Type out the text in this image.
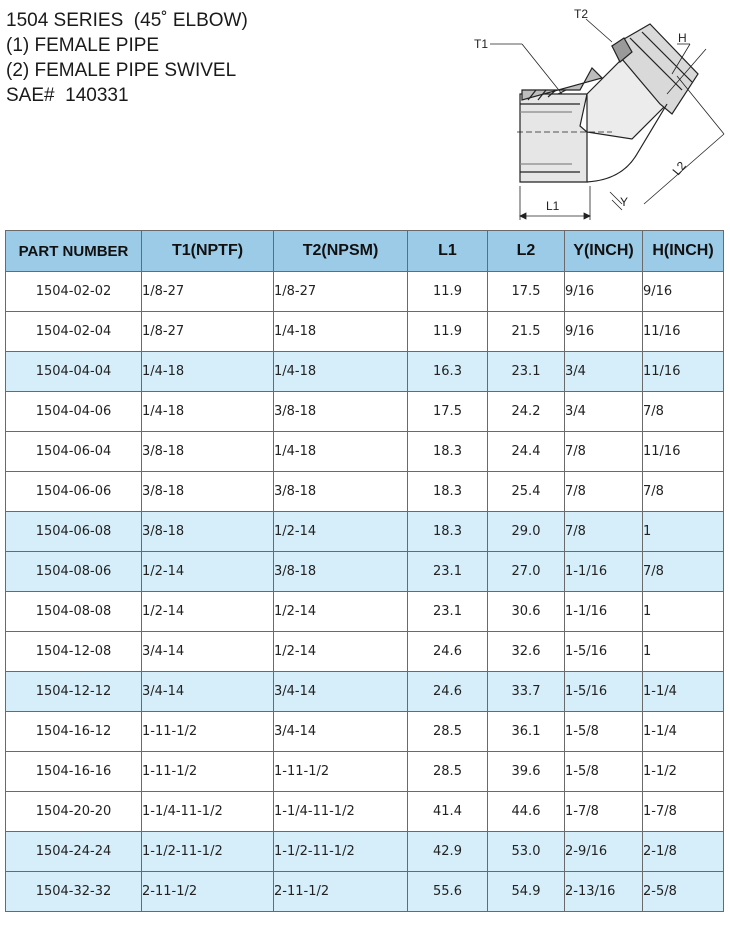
1504 SERIES  (45˚ ELBOW)
(1) FEMALE PIPE
(2) FEMALE PIPE SWIVEL
SAE#  140331
T1
T2
H
L1
L2
Y
PART NUMBER	T1(NPTF)	T2(NPSM)	L1	L2	Y(INCH)	H(INCH)
1504-02-02	1/8-27	1/8-27	11.9	17.5	9/16	9/16
1504-02-04	1/8-27	1/4-18	11.9	21.5	9/16	11/16
1504-04-04	1/4-18	1/4-18	16.3	23.1	3/4	11/16
1504-04-06	1/4-18	3/8-18	17.5	24.2	3/4	7/8
1504-06-04	3/8-18	1/4-18	18.3	24.4	7/8	11/16
1504-06-06	3/8-18	3/8-18	18.3	25.4	7/8	7/8
1504-06-08	3/8-18	1/2-14	18.3	29.0	7/8	1
1504-08-06	1/2-14	3/8-18	23.1	27.0	1-1/16	7/8
1504-08-08	1/2-14	1/2-14	23.1	30.6	1-1/16	1
1504-12-08	3/4-14	1/2-14	24.6	32.6	1-5/16	1
1504-12-12	3/4-14	3/4-14	24.6	33.7	1-5/16	1-1/4
1504-16-12	1-11-1/2	3/4-14	28.5	36.1	1-5/8	1-1/4
1504-16-16	1-11-1/2	1-11-1/2	28.5	39.6	1-5/8	1-1/2
1504-20-20	1-1/4-11-1/2	1-1/4-11-1/2	41.4	44.6	1-7/8	1-7/8
1504-24-24	1-1/2-11-1/2	1-1/2-11-1/2	42.9	53.0	2-9/16	2-1/8
1504-32-32	2-11-1/2	2-11-1/2	55.6	54.9	2-13/16	2-5/8
